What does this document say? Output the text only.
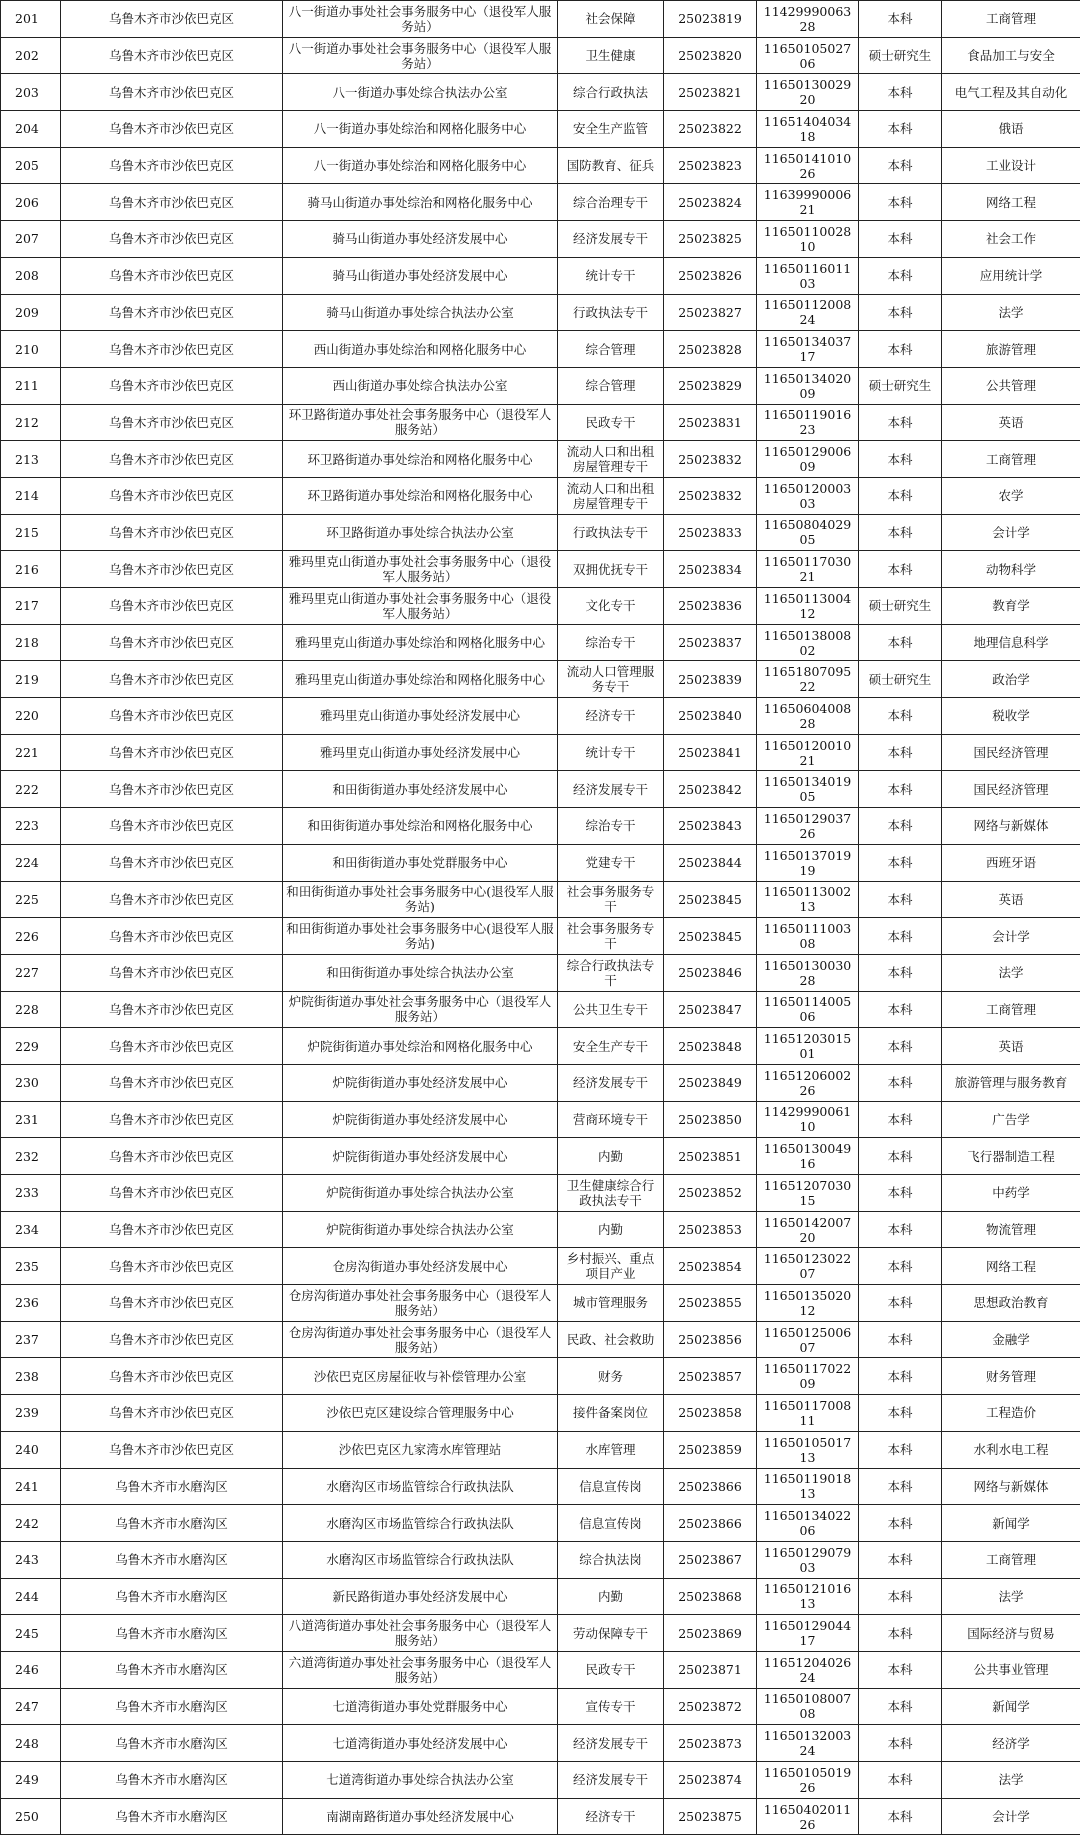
201	乌鲁木齐市沙依巴克区	八一街道办事处社会事务服务中心（退役军人服务站）	社会保障	25023819	1142999006328	本科	工商管理
202	乌鲁木齐市沙依巴克区	八一街道办事处社会事务服务中心（退役军人服务站）	卫生健康	25023820	1165010502706	硕士研究生	食品加工与安全
203	乌鲁木齐市沙依巴克区	八一街道办事处综合执法办公室	综合行政执法	25023821	1165013002920	本科	电气工程及其自动化
204	乌鲁木齐市沙依巴克区	八一街道办事处综治和网格化服务中心	安全生产监管	25023822	1165140403418	本科	俄语
205	乌鲁木齐市沙依巴克区	八一街道办事处综治和网格化服务中心	国防教育、征兵	25023823	1165014101026	本科	工业设计
206	乌鲁木齐市沙依巴克区	骑马山街道办事处综治和网格化服务中心	综合治理专干	25023824	1163999000621	本科	网络工程
207	乌鲁木齐市沙依巴克区	骑马山街道办事处经济发展中心	经济发展专干	25023825	1165011002810	本科	社会工作
208	乌鲁木齐市沙依巴克区	骑马山街道办事处经济发展中心	统计专干	25023826	1165011601103	本科	应用统计学
209	乌鲁木齐市沙依巴克区	骑马山街道办事处综合执法办公室	行政执法专干	25023827	1165011200824	本科	法学
210	乌鲁木齐市沙依巴克区	西山街道办事处综治和网格化服务中心	综合管理	25023828	1165013403717	本科	旅游管理
211	乌鲁木齐市沙依巴克区	西山街道办事处综合执法办公室	综合管理	25023829	1165013402009	硕士研究生	公共管理
212	乌鲁木齐市沙依巴克区	环卫路街道办事处社会事务服务中心（退役军人服务站）	民政专干	25023831	1165011901623	本科	英语
213	乌鲁木齐市沙依巴克区	环卫路街道办事处综治和网格化服务中心	流动人口和出租房屋管理专干	25023832	1165012900609	本科	工商管理
214	乌鲁木齐市沙依巴克区	环卫路街道办事处综治和网格化服务中心	流动人口和出租房屋管理专干	25023832	1165012000303	本科	农学
215	乌鲁木齐市沙依巴克区	环卫路街道办事处综合执法办公室	行政执法专干	25023833	1165080402905	本科	会计学
216	乌鲁木齐市沙依巴克区	雅玛里克山街道办事处社会事务服务中心（退役军人服务站）	双拥优抚专干	25023834	1165011703021	本科	动物科学
217	乌鲁木齐市沙依巴克区	雅玛里克山街道办事处社会事务服务中心（退役军人服务站）	文化专干	25023836	1165011300412	硕士研究生	教育学
218	乌鲁木齐市沙依巴克区	雅玛里克山街道办事处综治和网格化服务中心	综治专干	25023837	1165013800802	本科	地理信息科学
219	乌鲁木齐市沙依巴克区	雅玛里克山街道办事处综治和网格化服务中心	流动人口管理服务专干	25023839	1165180709522	硕士研究生	政治学
220	乌鲁木齐市沙依巴克区	雅玛里克山街道办事处经济发展中心	经济专干	25023840	1165060400828	本科	税收学
221	乌鲁木齐市沙依巴克区	雅玛里克山街道办事处经济发展中心	统计专干	25023841	1165012001021	本科	国民经济管理
222	乌鲁木齐市沙依巴克区	和田街街道办事处经济发展中心	经济发展专干	25023842	1165013401905	本科	国民经济管理
223	乌鲁木齐市沙依巴克区	和田街街道办事处综治和网格化服务中心	综治专干	25023843	1165012903726	本科	网络与新媒体
224	乌鲁木齐市沙依巴克区	和田街街道办事处党群服务中心	党建专干	25023844	1165013701919	本科	西班牙语
225	乌鲁木齐市沙依巴克区	和田街街道办事处社会事务服务中心(退役军人服务站)	社会事务服务专干	25023845	1165011300213	本科	英语
226	乌鲁木齐市沙依巴克区	和田街街道办事处社会事务服务中心(退役军人服务站)	社会事务服务专干	25023845	1165011100308	本科	会计学
227	乌鲁木齐市沙依巴克区	和田街街道办事处综合执法办公室	综合行政执法专干	25023846	1165013003028	本科	法学
228	乌鲁木齐市沙依巴克区	炉院街街道办事处社会事务服务中心（退役军人服务站）	公共卫生专干	25023847	1165011400506	本科	工商管理
229	乌鲁木齐市沙依巴克区	炉院街街道办事处综治和网格化服务中心	安全生产专干	25023848	1165120301501	本科	英语
230	乌鲁木齐市沙依巴克区	炉院街街道办事处经济发展中心	经济发展专干	25023849	1165120600226	本科	旅游管理与服务教育
231	乌鲁木齐市沙依巴克区	炉院街街道办事处经济发展中心	营商环境专干	25023850	1142999006110	本科	广告学
232	乌鲁木齐市沙依巴克区	炉院街街道办事处经济发展中心	内勤	25023851	1165013004916	本科	飞行器制造工程
233	乌鲁木齐市沙依巴克区	炉院街街道办事处综合执法办公室	卫生健康综合行政执法专干	25023852	1165120703015	本科	中药学
234	乌鲁木齐市沙依巴克区	炉院街街道办事处综合执法办公室	内勤	25023853	1165014200720	本科	物流管理
235	乌鲁木齐市沙依巴克区	仓房沟街道办事处经济发展中心	乡村振兴、重点项目产业	25023854	1165012302207	本科	网络工程
236	乌鲁木齐市沙依巴克区	仓房沟街道办事处社会事务服务中心（退役军人服务站）	城市管理服务	25023855	1165013502012	本科	思想政治教育
237	乌鲁木齐市沙依巴克区	仓房沟街道办事处社会事务服务中心（退役军人服务站）	民政、社会救助	25023856	1165012500607	本科	金融学
238	乌鲁木齐市沙依巴克区	沙依巴克区房屋征收与补偿管理办公室	财务	25023857	1165011702209	本科	财务管理
239	乌鲁木齐市沙依巴克区	沙依巴克区建设综合管理服务中心	接件备案岗位	25023858	1165011700811	本科	工程造价
240	乌鲁木齐市沙依巴克区	沙依巴克区九家湾水库管理站	水库管理	25023859	1165010501713	本科	水利水电工程
241	乌鲁木齐市水磨沟区	水磨沟区市场监管综合行政执法队	信息宣传岗	25023866	1165011901813	本科	网络与新媒体
242	乌鲁木齐市水磨沟区	水磨沟区市场监管综合行政执法队	信息宣传岗	25023866	1165013402206	本科	新闻学
243	乌鲁木齐市水磨沟区	水磨沟区市场监管综合行政执法队	综合执法岗	25023867	1165012907903	本科	工商管理
244	乌鲁木齐市水磨沟区	新民路街道办事处经济发展中心	内勤	25023868	1165012101613	本科	法学
245	乌鲁木齐市水磨沟区	八道湾街道办事处社会事务服务中心（退役军人服务站）	劳动保障专干	25023869	1165012904417	本科	国际经济与贸易
246	乌鲁木齐市水磨沟区	六道湾街道办事处社会事务服务中心（退役军人服务站）	民政专干	25023871	1165120402624	本科	公共事业管理
247	乌鲁木齐市水磨沟区	七道湾街道办事处党群服务中心	宣传专干	25023872	1165010800708	本科	新闻学
248	乌鲁木齐市水磨沟区	七道湾街道办事处经济发展中心	经济发展专干	25023873	1165013200324	本科	经济学
249	乌鲁木齐市水磨沟区	七道湾街道办事处综合执法办公室	经济发展专干	25023874	1165010501926	本科	法学
250	乌鲁木齐市水磨沟区	南湖南路街道办事处经济发展中心	经济专干	25023875	1165040201126	本科	会计学
